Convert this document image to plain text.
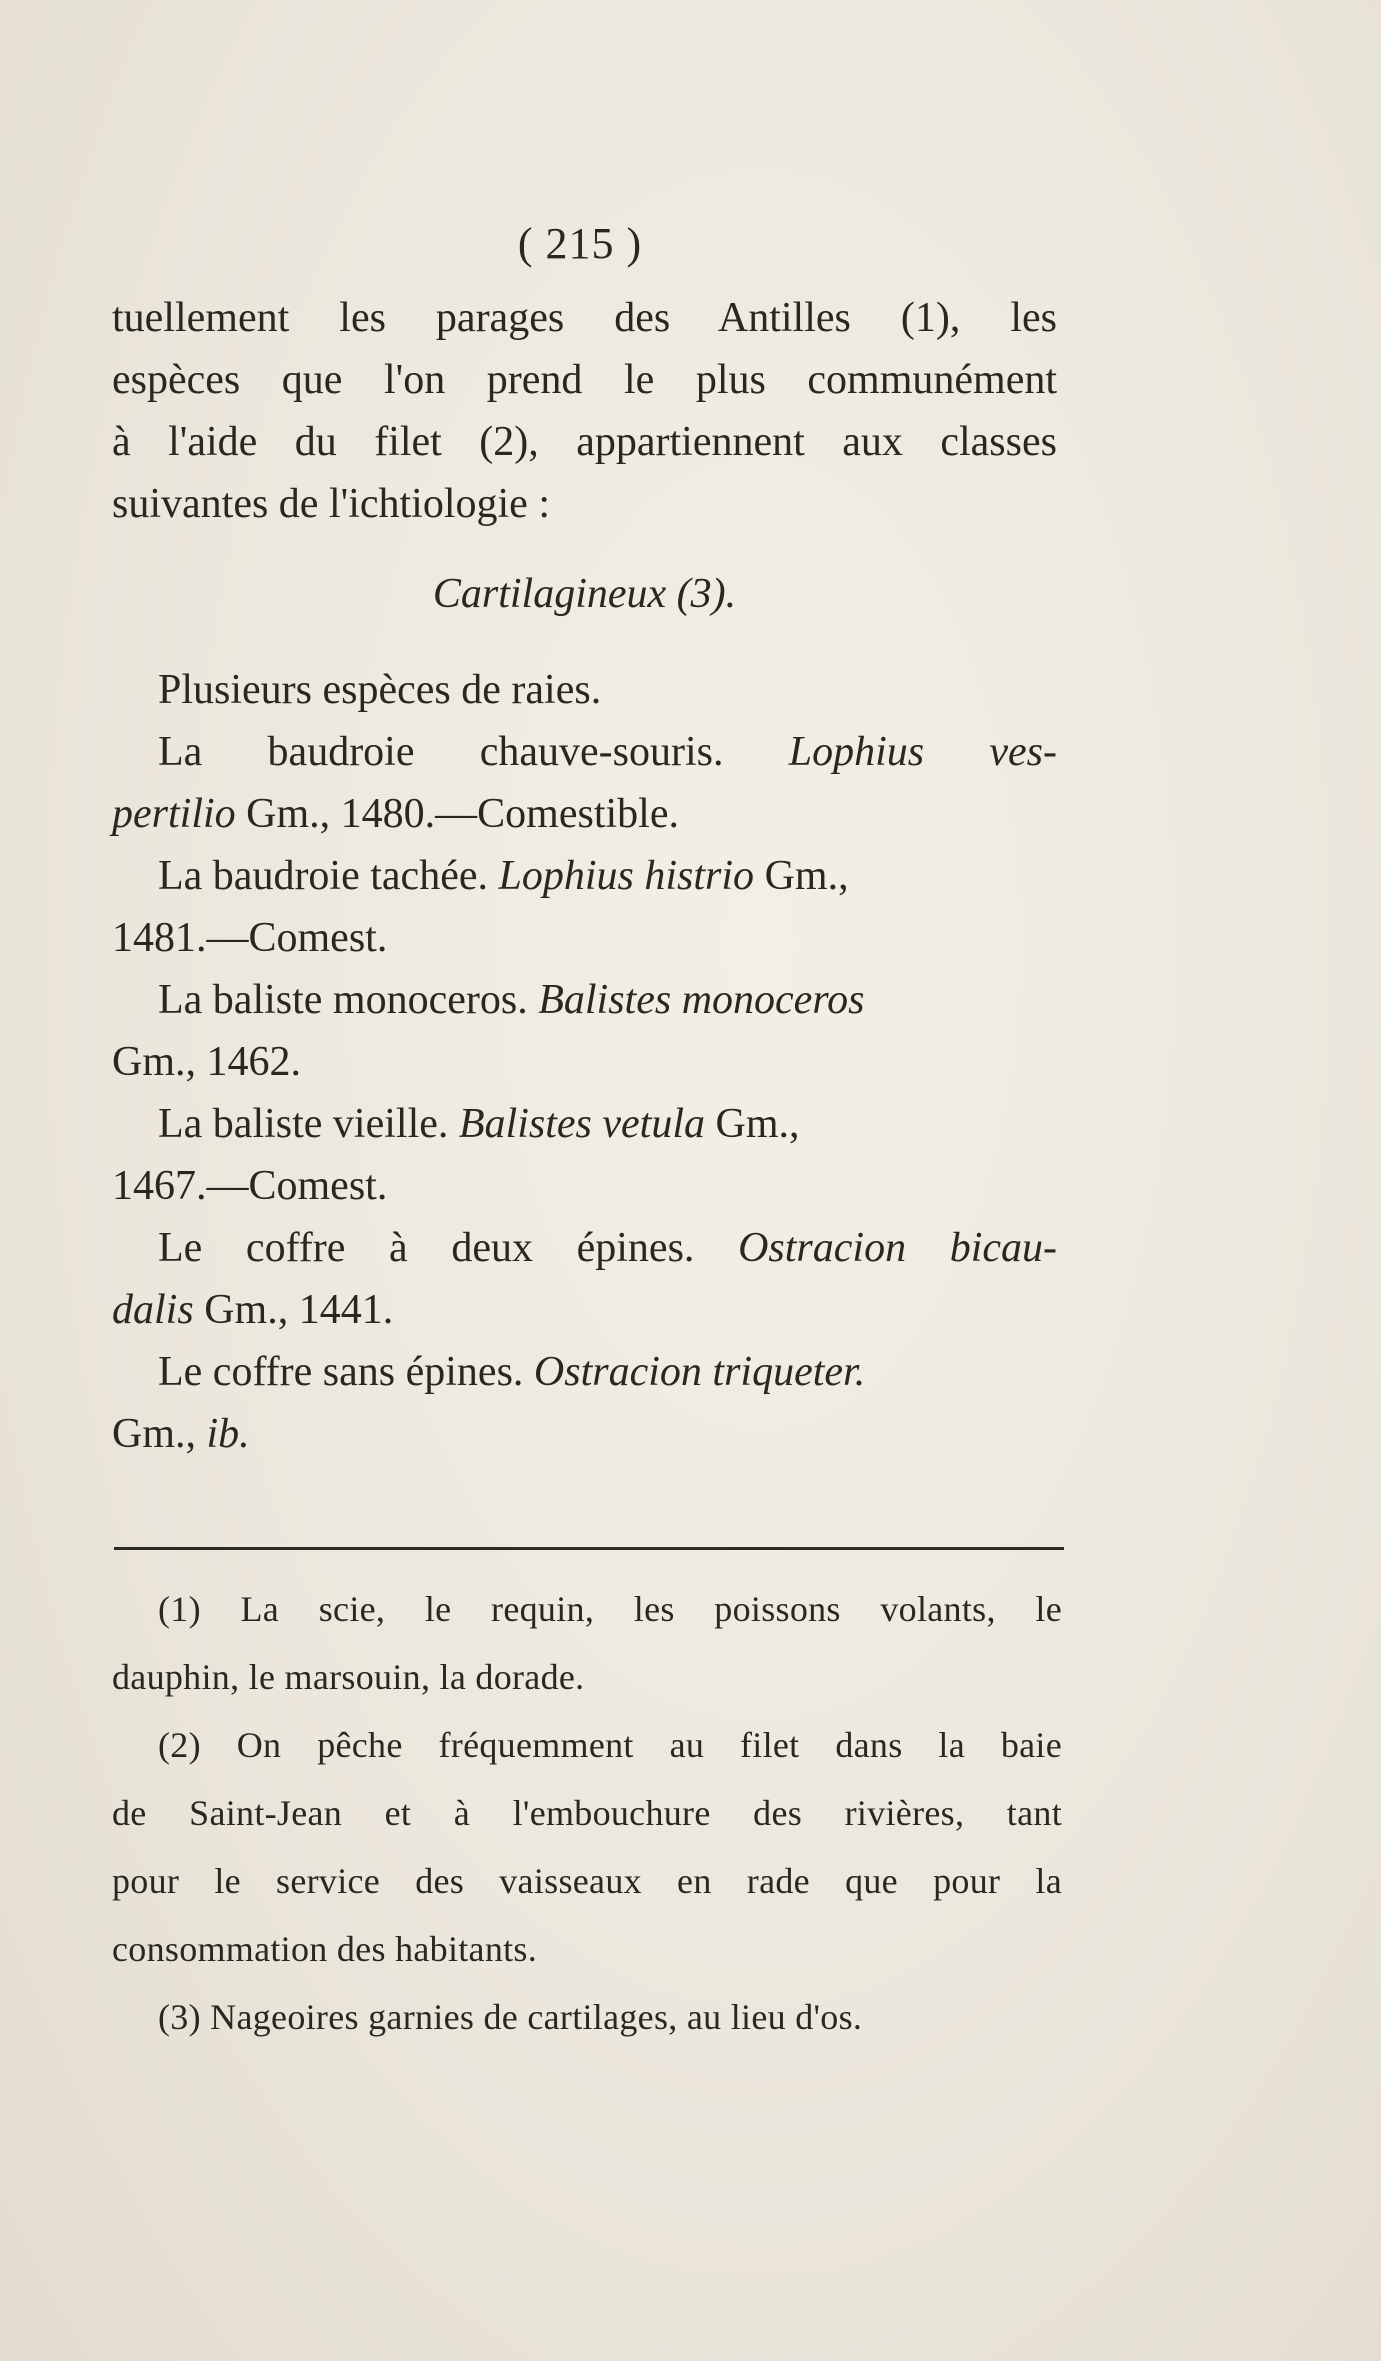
( 215 )
tuellement les parages des Antilles (1), les
espèces que l'on prend le plus communément
à l'aide du filet (2), appartiennent aux classes
suivantes de l'ichtiologie :
Cartilagineux (3).
Plusieurs espèces de raies.
La baudroie chauve-souris. Lophius ves-
pertilio Gm., 1480.—Comestible.
La baudroie tachée. Lophius histrio Gm.,
1481.—Comest.
La baliste monoceros. Balistes monoceros
Gm., 1462.
La baliste vieille. Balistes vetula Gm.,
1467.—Comest.
Le coffre à deux épines. Ostracion bicau-
dalis Gm., 1441.
Le coffre sans épines. Ostracion triqueter.
Gm., ib.
(1) La scie, le requin, les poissons volants, le
dauphin, le marsouin, la dorade.
(2) On pêche fréquemment au filet dans la baie
de Saint-Jean et à l'embouchure des rivières, tant
pour le service des vaisseaux en rade que pour la
consommation des habitants.
(3) Nageoires garnies de cartilages, au lieu d'os.
